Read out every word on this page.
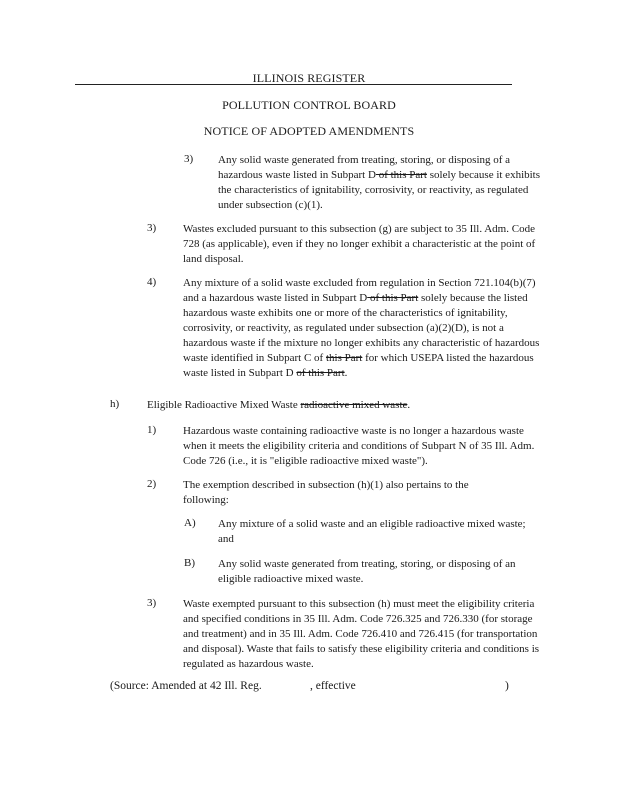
ILLINOIS REGISTER
POLLUTION CONTROL BOARD
NOTICE OF ADOPTED AMENDMENTS
3) Any solid waste generated from treating, storing, or disposing of a hazardous waste listed in Subpart D of this Part solely because it exhibits the characteristics of ignitability, corrosivity, or reactivity, as regulated under subsection (c)(1).
3) Wastes excluded pursuant to this subsection (g) are subject to 35 Ill. Adm. Code 728 (as applicable), even if they no longer exhibit a characteristic at the point of land disposal.
4) Any mixture of a solid waste excluded from regulation in Section 721.104(b)(7) and a hazardous waste listed in Subpart D of this Part solely because the listed hazardous waste exhibits one or more of the characteristics of ignitability, corrosivity, or reactivity, as regulated under subsection (a)(2)(D), is not a hazardous waste if the mixture no longer exhibits any characteristic of hazardous waste identified in Subpart C of this Part for which USEPA listed the hazardous waste listed in Subpart D of this Part.
h)	Eligible Radioactive Mixed Waste radioactive mixed waste.
1) Hazardous waste containing radioactive waste is no longer a hazardous waste when it meets the eligibility criteria and conditions of Subpart N of 35 Ill. Adm. Code 726 (i.e., it is "eligible radioactive mixed waste").
2) The exemption described in subsection (h)(1) also pertains to the following:
A) Any mixture of a solid waste and an eligible radioactive mixed waste; and
B) Any solid waste generated from treating, storing, or disposing of an eligible radioactive mixed waste.
3) Waste exempted pursuant to this subsection (h) must meet the eligibility criteria and specified conditions in 35 Ill. Adm. Code 726.325 and 726.330 (for storage and treatment) and in 35 Ill. Adm. Code 726.410 and 726.415 (for transportation and disposal). Waste that fails to satisfy these eligibility criteria and conditions is regulated as hazardous waste.
(Source: Amended at 42 Ill. Reg.	, effective	)
